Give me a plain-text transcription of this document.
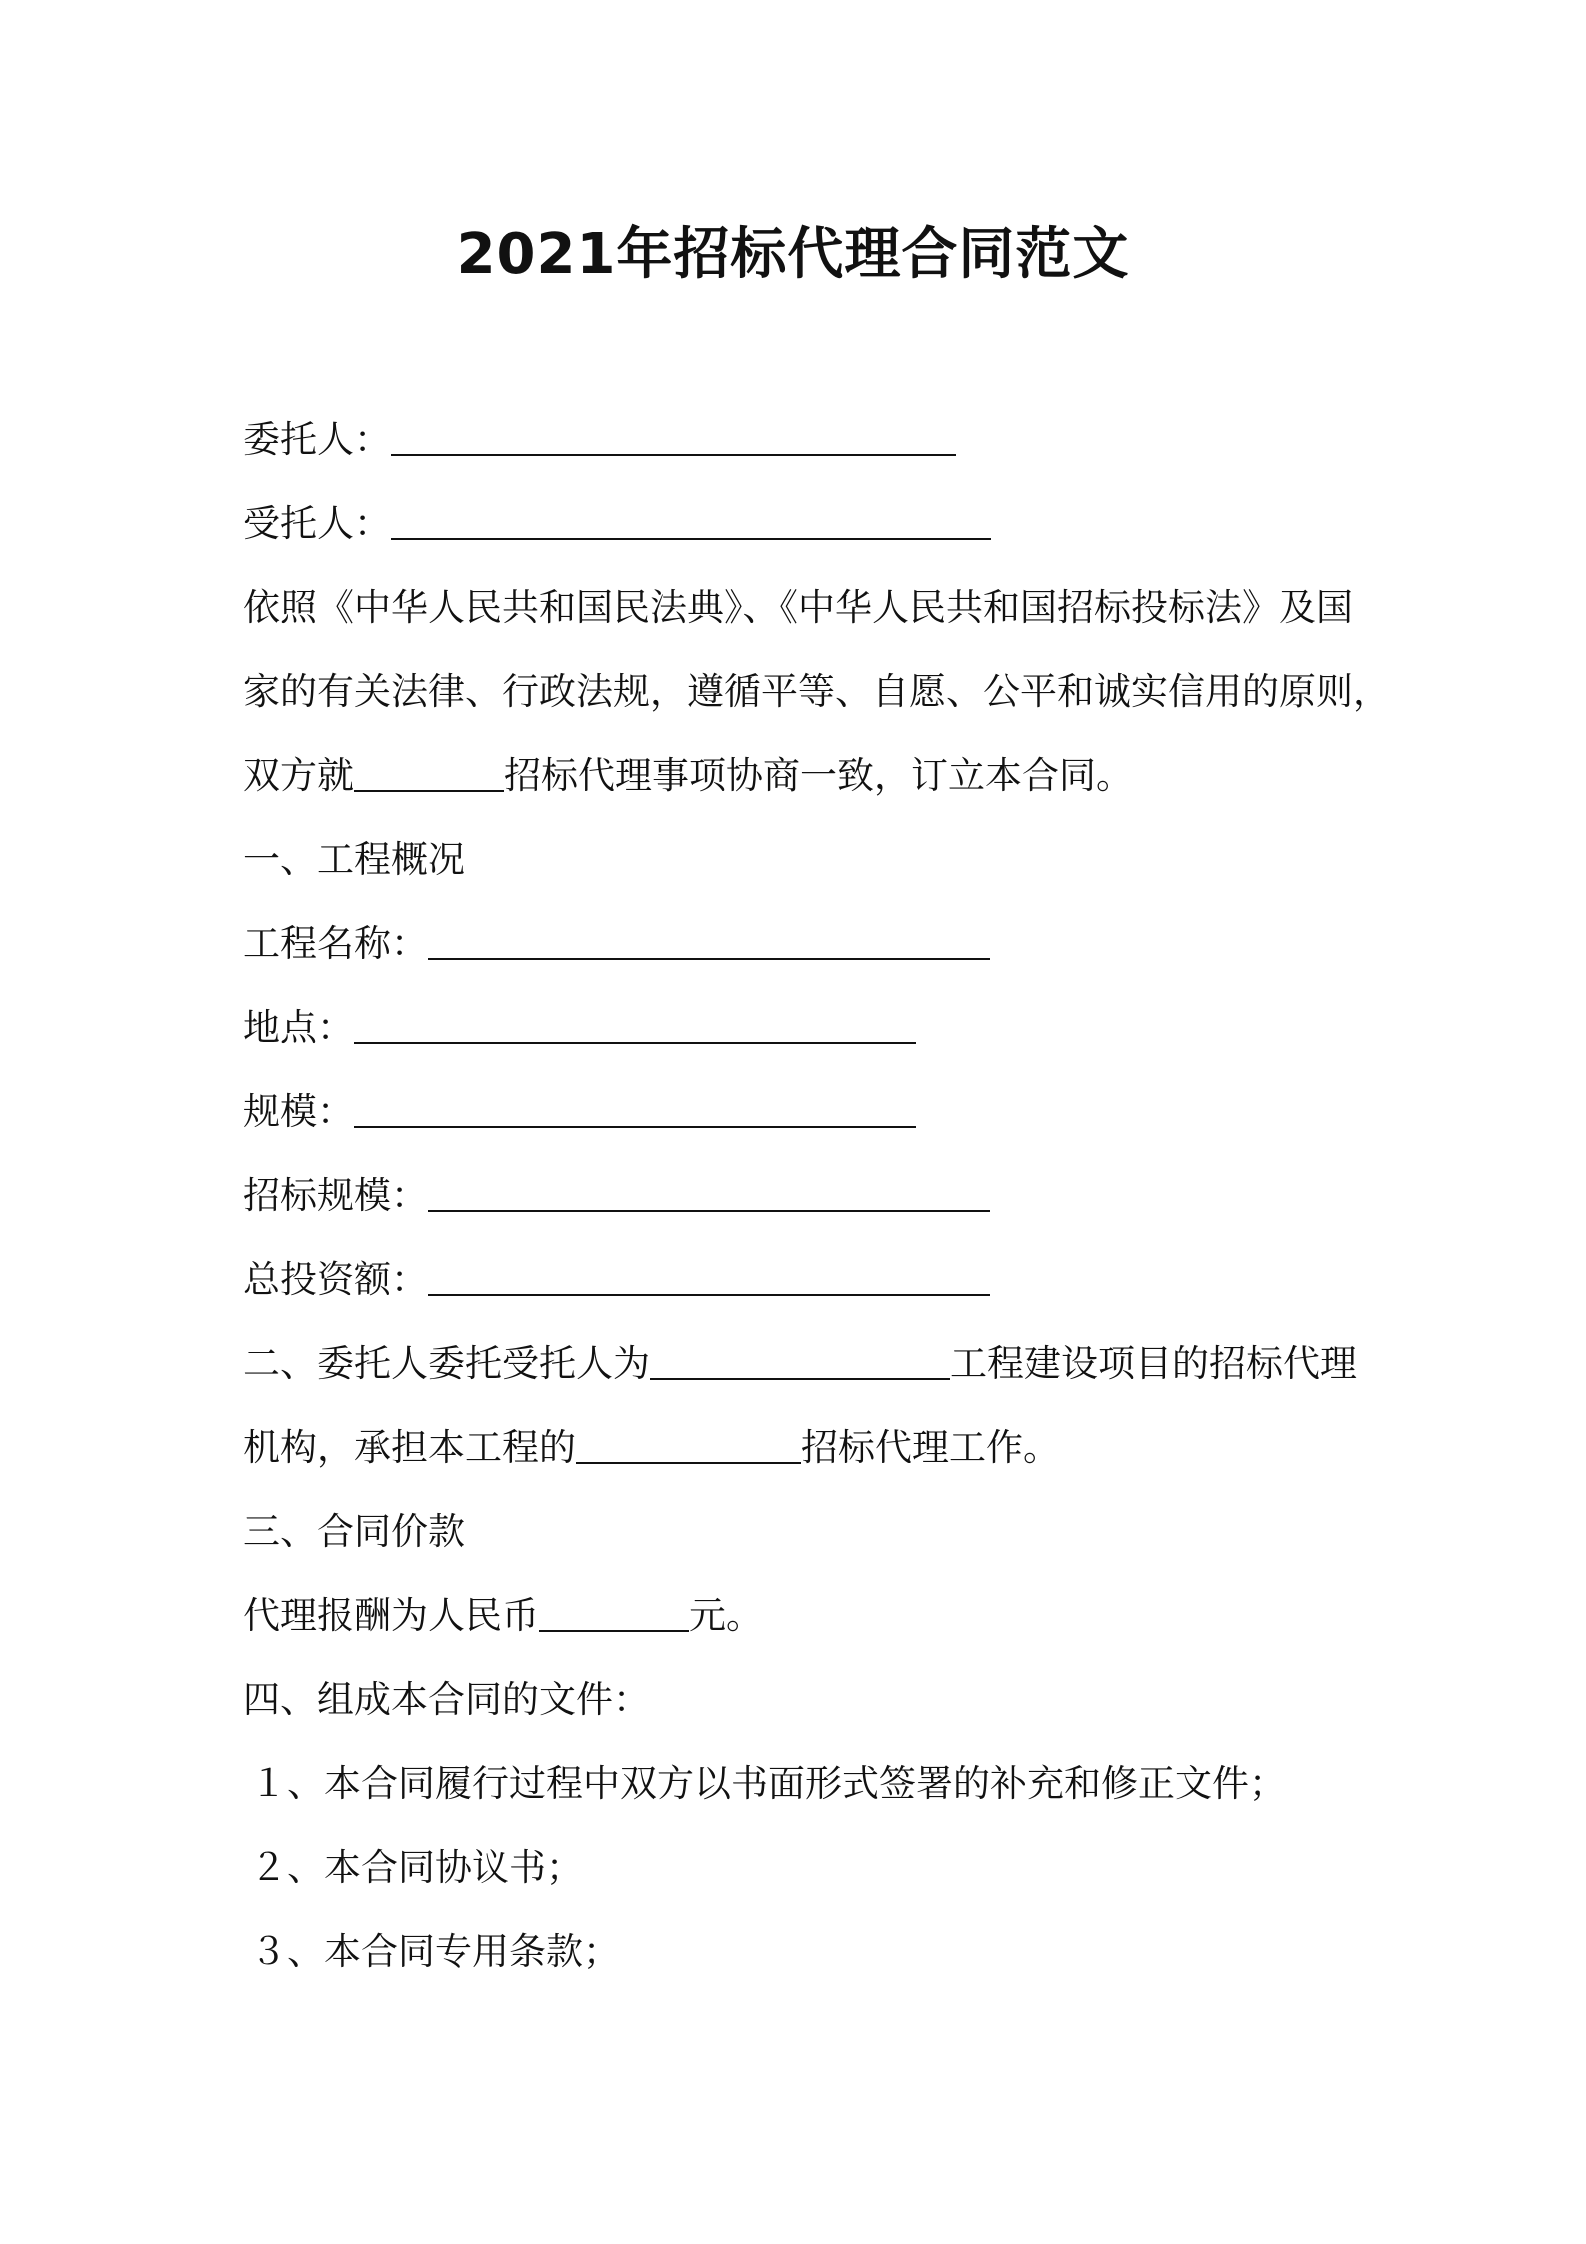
2021年招标代理合同范文
委托人：
受托人：
依照《中华人民共和国民法典》、《中华人民共和国招标投标法》及国
家的有关法律、行政法规，遵循平等、自愿、公平和诚实信用的原则，
双方就	招标代理事项协商一致，订立本合同。
一、工程概况
工程名称：
地点：
规模：
招标规模：
总投资额：
二、委托人委托受托人为	工程建设项目的招标代理
机构，承担本工程的	招标代理工作。
三、合同价款
代理报酬为人民币	元。
四、组成本合同的文件：
１、本合同履行过程中双方以书面形式签署的补充和修正文件；
２、本合同协议书；
３、本合同专用条款；
